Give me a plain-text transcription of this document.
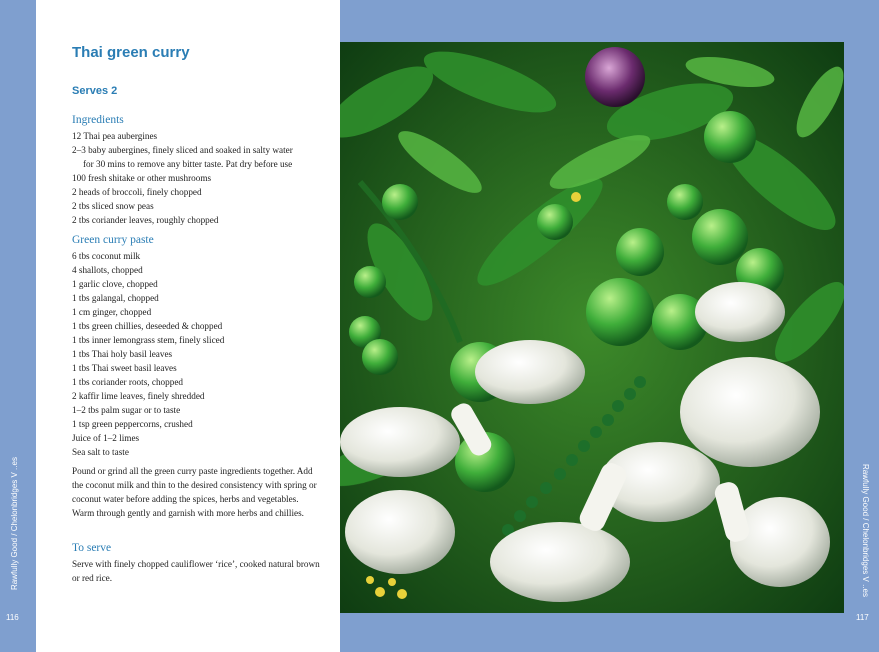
Rawfully Good / Chelonbridges V ..es	Rawfully Good / Chelonbridges V ..es
116	117
Thai green curry
Serves 2
Ingredients
12 Thai pea aubergines
2–3 baby aubergines, finely sliced and soaked in salty water
for 30 mins to remove any bitter taste. Pat dry before use
100 fresh shitake or other mushrooms
2 heads of broccoli, finely chopped
2 tbs sliced snow peas
2 tbs coriander leaves, roughly chopped
Green curry paste
6 tbs coconut milk
4 shallots, chopped
1 garlic clove, chopped
1 tbs galangal, chopped
1 cm ginger, chopped
1 tbs green chillies, deseeded & chopped
1 tbs inner lemongrass stem, finely sliced
1 tbs Thai holy basil leaves
1 tbs Thai sweet basil leaves
1 tbs coriander roots, chopped
2 kaffir lime leaves, finely shredded
1–2 tbs palm sugar or to taste
1 tsp green peppercorns, crushed
Juice of 1–2 limes
Sea salt to taste
Pound or grind all the green curry paste ingredients together. Add the coconut milk and thin to the desired consistency with spring or coconut water before adding the spices, herbs and vegetables. Warm through gently and garnish with more herbs and chillies.
To serve
Serve with finely chopped cauliflower ‘rice’, cooked natural brown or red rice.
